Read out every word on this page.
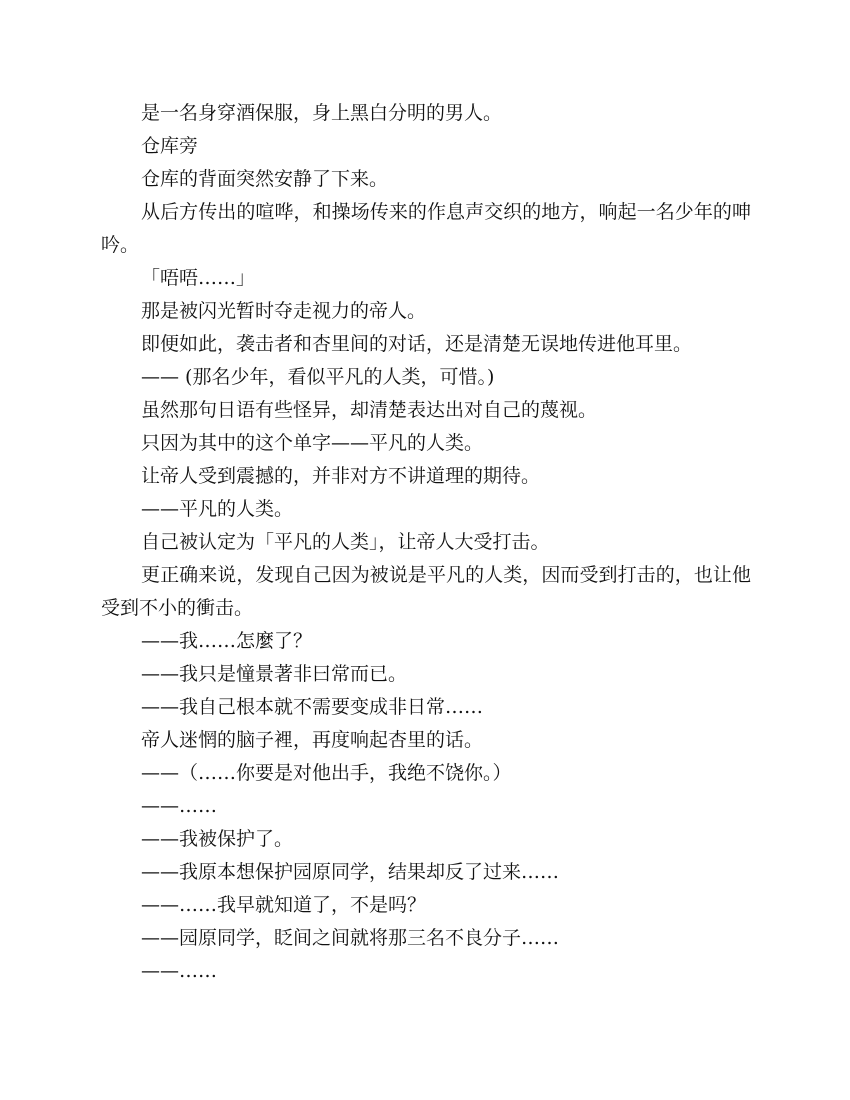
是一名身穿酒保服，身上黑白分明的男人。

仓库旁

仓库的背面突然安静了下来。

从后方传出的喧哗，和操场传来的作息声交织的地方，响起一名少年的呻吟。

「唔唔……」

那是被闪光暂时夺走视力的帝人。

即便如此，袭击者和杏里间的对话，还是清楚无误地传进他耳里。

—— (那名少年，看似平凡的人类，可惜。)

虽然那句日语有些怪异，却清楚表达出对自己的蔑视。

只因为其中的这个单字——平凡的人类。

让帝人受到震撼的，并非对方不讲道理的期待。

——平凡的人类。

自己被认定为「平凡的人类」，让帝人大受打击。

更正确来说，发现自己因为被说是平凡的人类，因而受到打击的，也让他受到不小的衝击。

——我……怎麼了？

——我只是憧景著非曰常而已。

——我自己根本就不需要变成非日常……

帝人迷惘的脑子裡，再度响起杏里的话。

——（……你要是对他出手，我绝不饶你。）

——……

——我被保护了。

——我原本想保护园原同学，结果却反了过来……

——……我早就知道了，不是吗？

——园原同学，眨间之间就将那三名不良分子……

——……
